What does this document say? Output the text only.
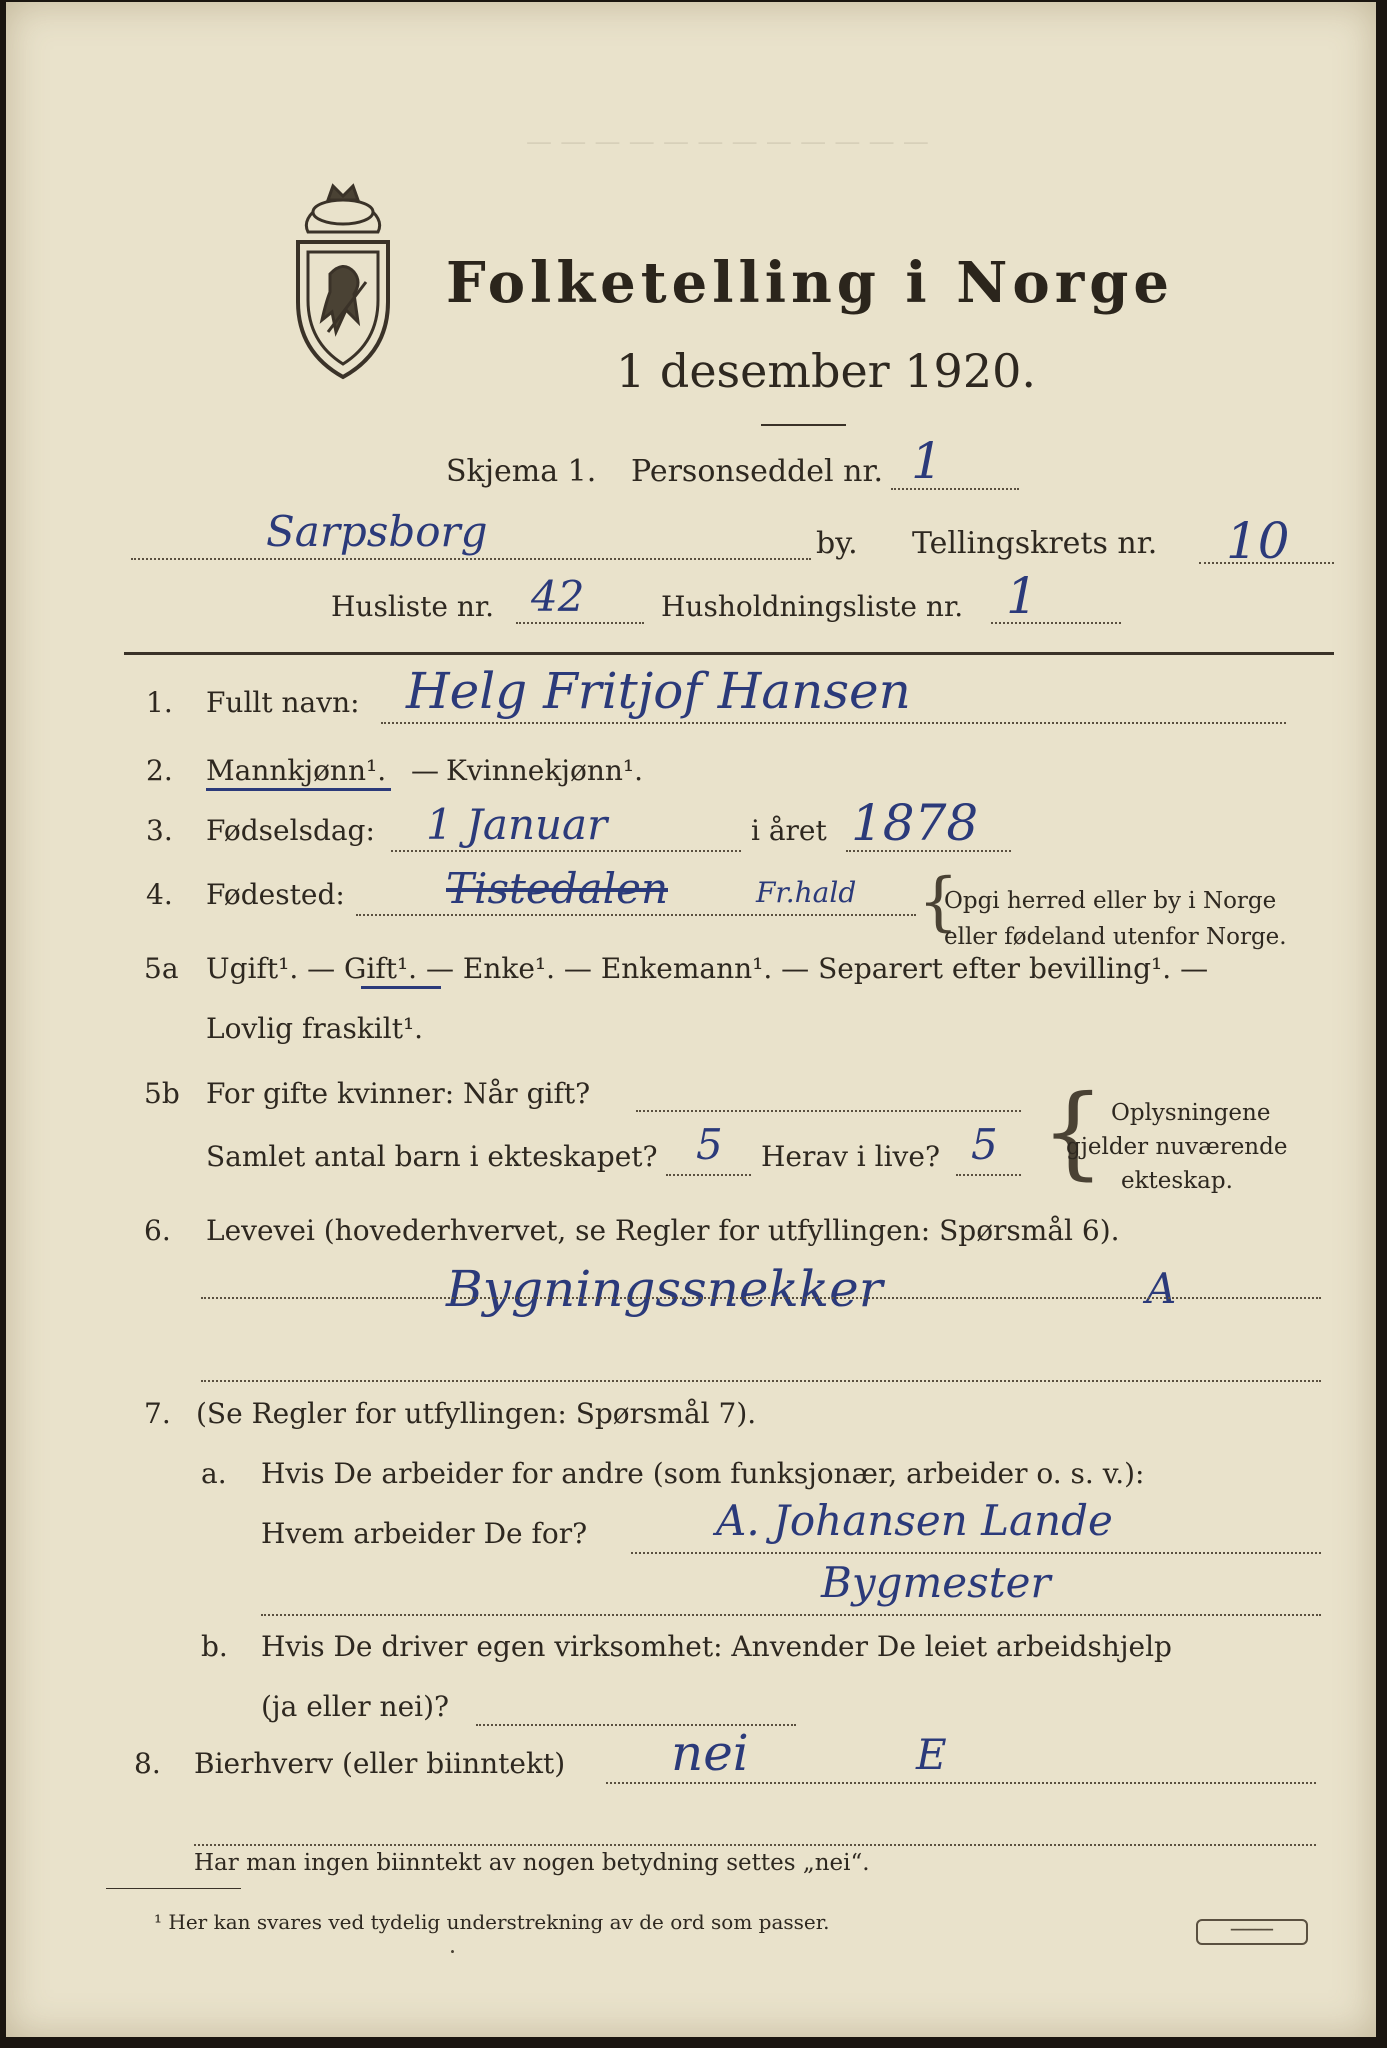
— — — — — — — — — — — —
Folketelling i Norge
1 desember 1920.
Skjema 1. Personseddel nr. 1
Sarpsborg	by. Tellingskrets nr. 10
Husliste nr. 42	Husholdningsliste nr. 1
1. Fullt navn: Helg Fritjof Hansen
2. Mannkjønn¹. — Kvinnekjønn¹.
3. Fødselsdag: 1 Januar	i året 1878
4. Fødested: Tistedalen	Fr.hald {
Opgi herred eller by i Norge
eller fødeland utenfor Norge.
5a Ugift¹. — Gift¹. — Enke¹. — Enkemann¹. — Separert efter bevilling¹. —
Lovlig fraskilt¹.
5b For gifte kvinner: Når gift?
Samlet antal barn i ekteskapet? 5 Herav i live? 5 { Oplysningene
gjelder nuværende
ekteskap.
6. Levevei (hovederhvervet, se Regler for utfyllingen: Spørsmål 6).
Bygningssnekker	A
7. (Se Regler for utfyllingen: Spørsmål 7).
a. Hvis De arbeider for andre (som funksjonær, arbeider o. s. v.):
Hvem arbeider De for?	A. Johansen Lande
Bygmester
b. Hvis De driver egen virksomhet: Anvender De leiet arbeidshjelp
(ja eller nei)?
8. Bierhverv (eller biinntekt) nei	E
Har man ingen biinntekt av nogen betydning settes „nei“.
¹ Her kan svares ved tydelig understrekning av de ord som passer.	━━━━━━━
˙
